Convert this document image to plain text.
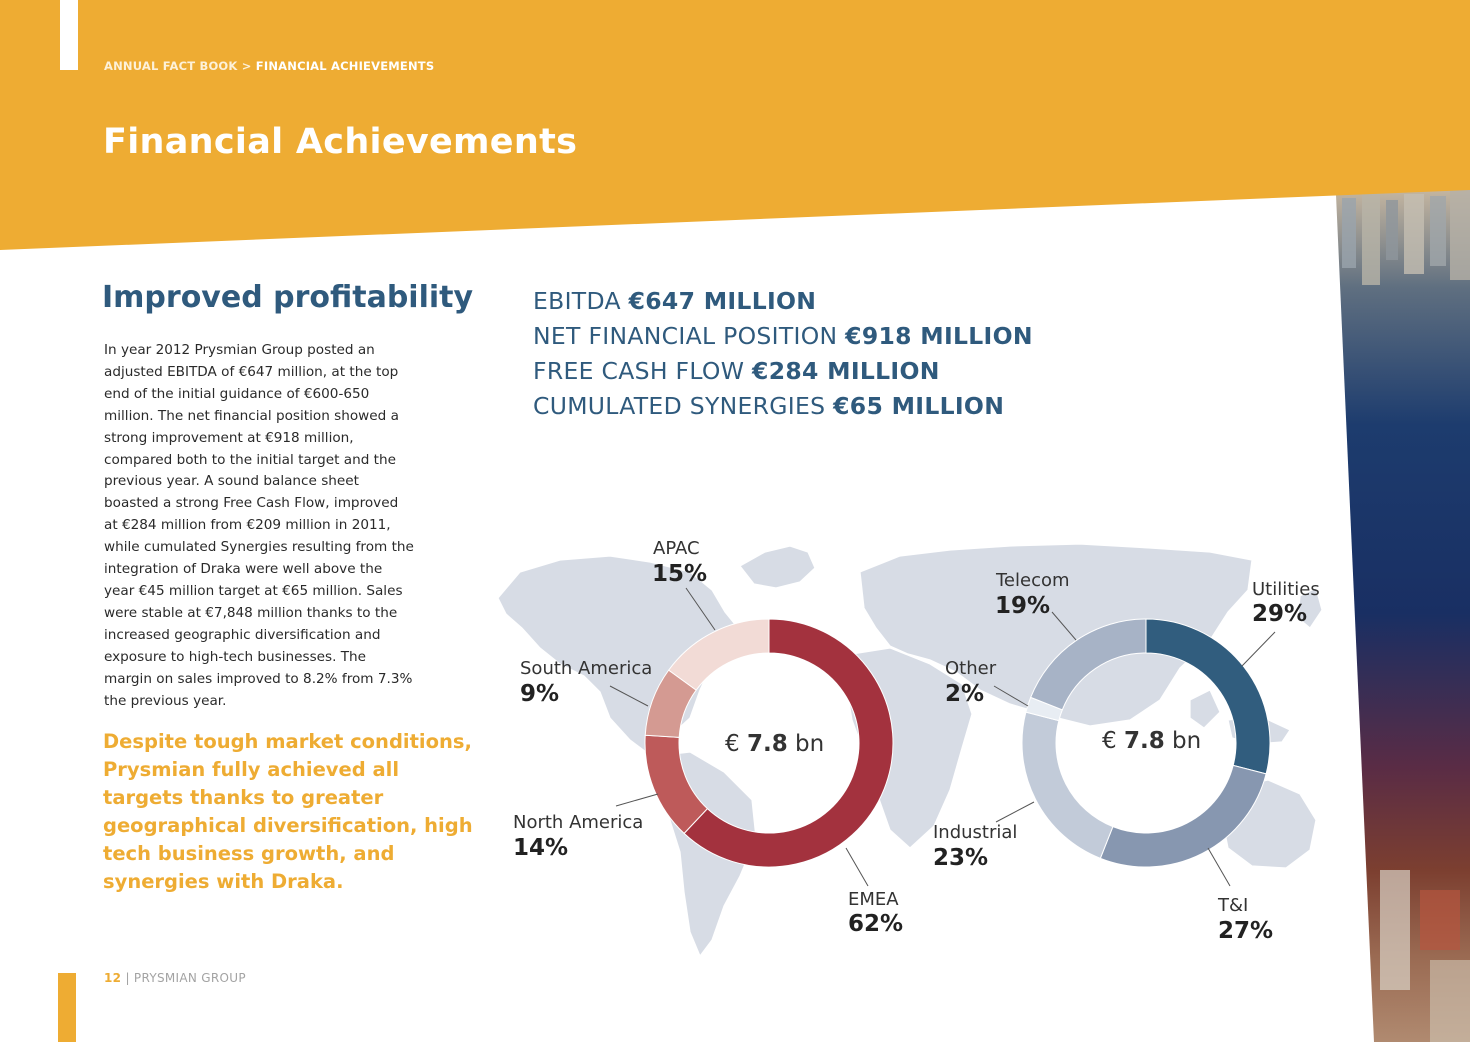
ANNUAL FACT BOOK > FINANCIAL ACHIEVEMENTS
Financial Achievements
Improved profitability
In year 2012 Prysmian Group posted an adjusted EBITDA of €647 million, at the top end of the initial guidance of €600-650 million. The net financial position showed a strong improvement at €918 million, compared both to the initial target and the previous year. A sound balance sheet boasted a strong Free Cash Flow, improved at €284 million from €209 million in 2011, while cumulated Synergies resulting from the integration of Draka were well above the year €45 million target at €65 million. Sales were stable at €7,848 million thanks to the increased geographic diversification and exposure to high-tech businesses. The margin on sales improved to 8.2% from 7.3% the previous year.
Despite tough market conditions, Prysmian fully achieved all targets thanks to greater geographical diversification, high tech business growth, and synergies with Draka.
EBITDA €647 MILLION
NET FINANCIAL POSITION €918 MILLION
FREE CASH FLOW €284 MILLION
CUMULATED SYNERGIES €65 MILLION
APAC
15%
South America
9%
North America
14%
EMEA
62%
€ 7.8 bn
Telecom
19%
Utilities
29%
Other
2%
Industrial
23%
T&I
27%
€ 7.8 bn
12 | PRYSMIAN GROUP
